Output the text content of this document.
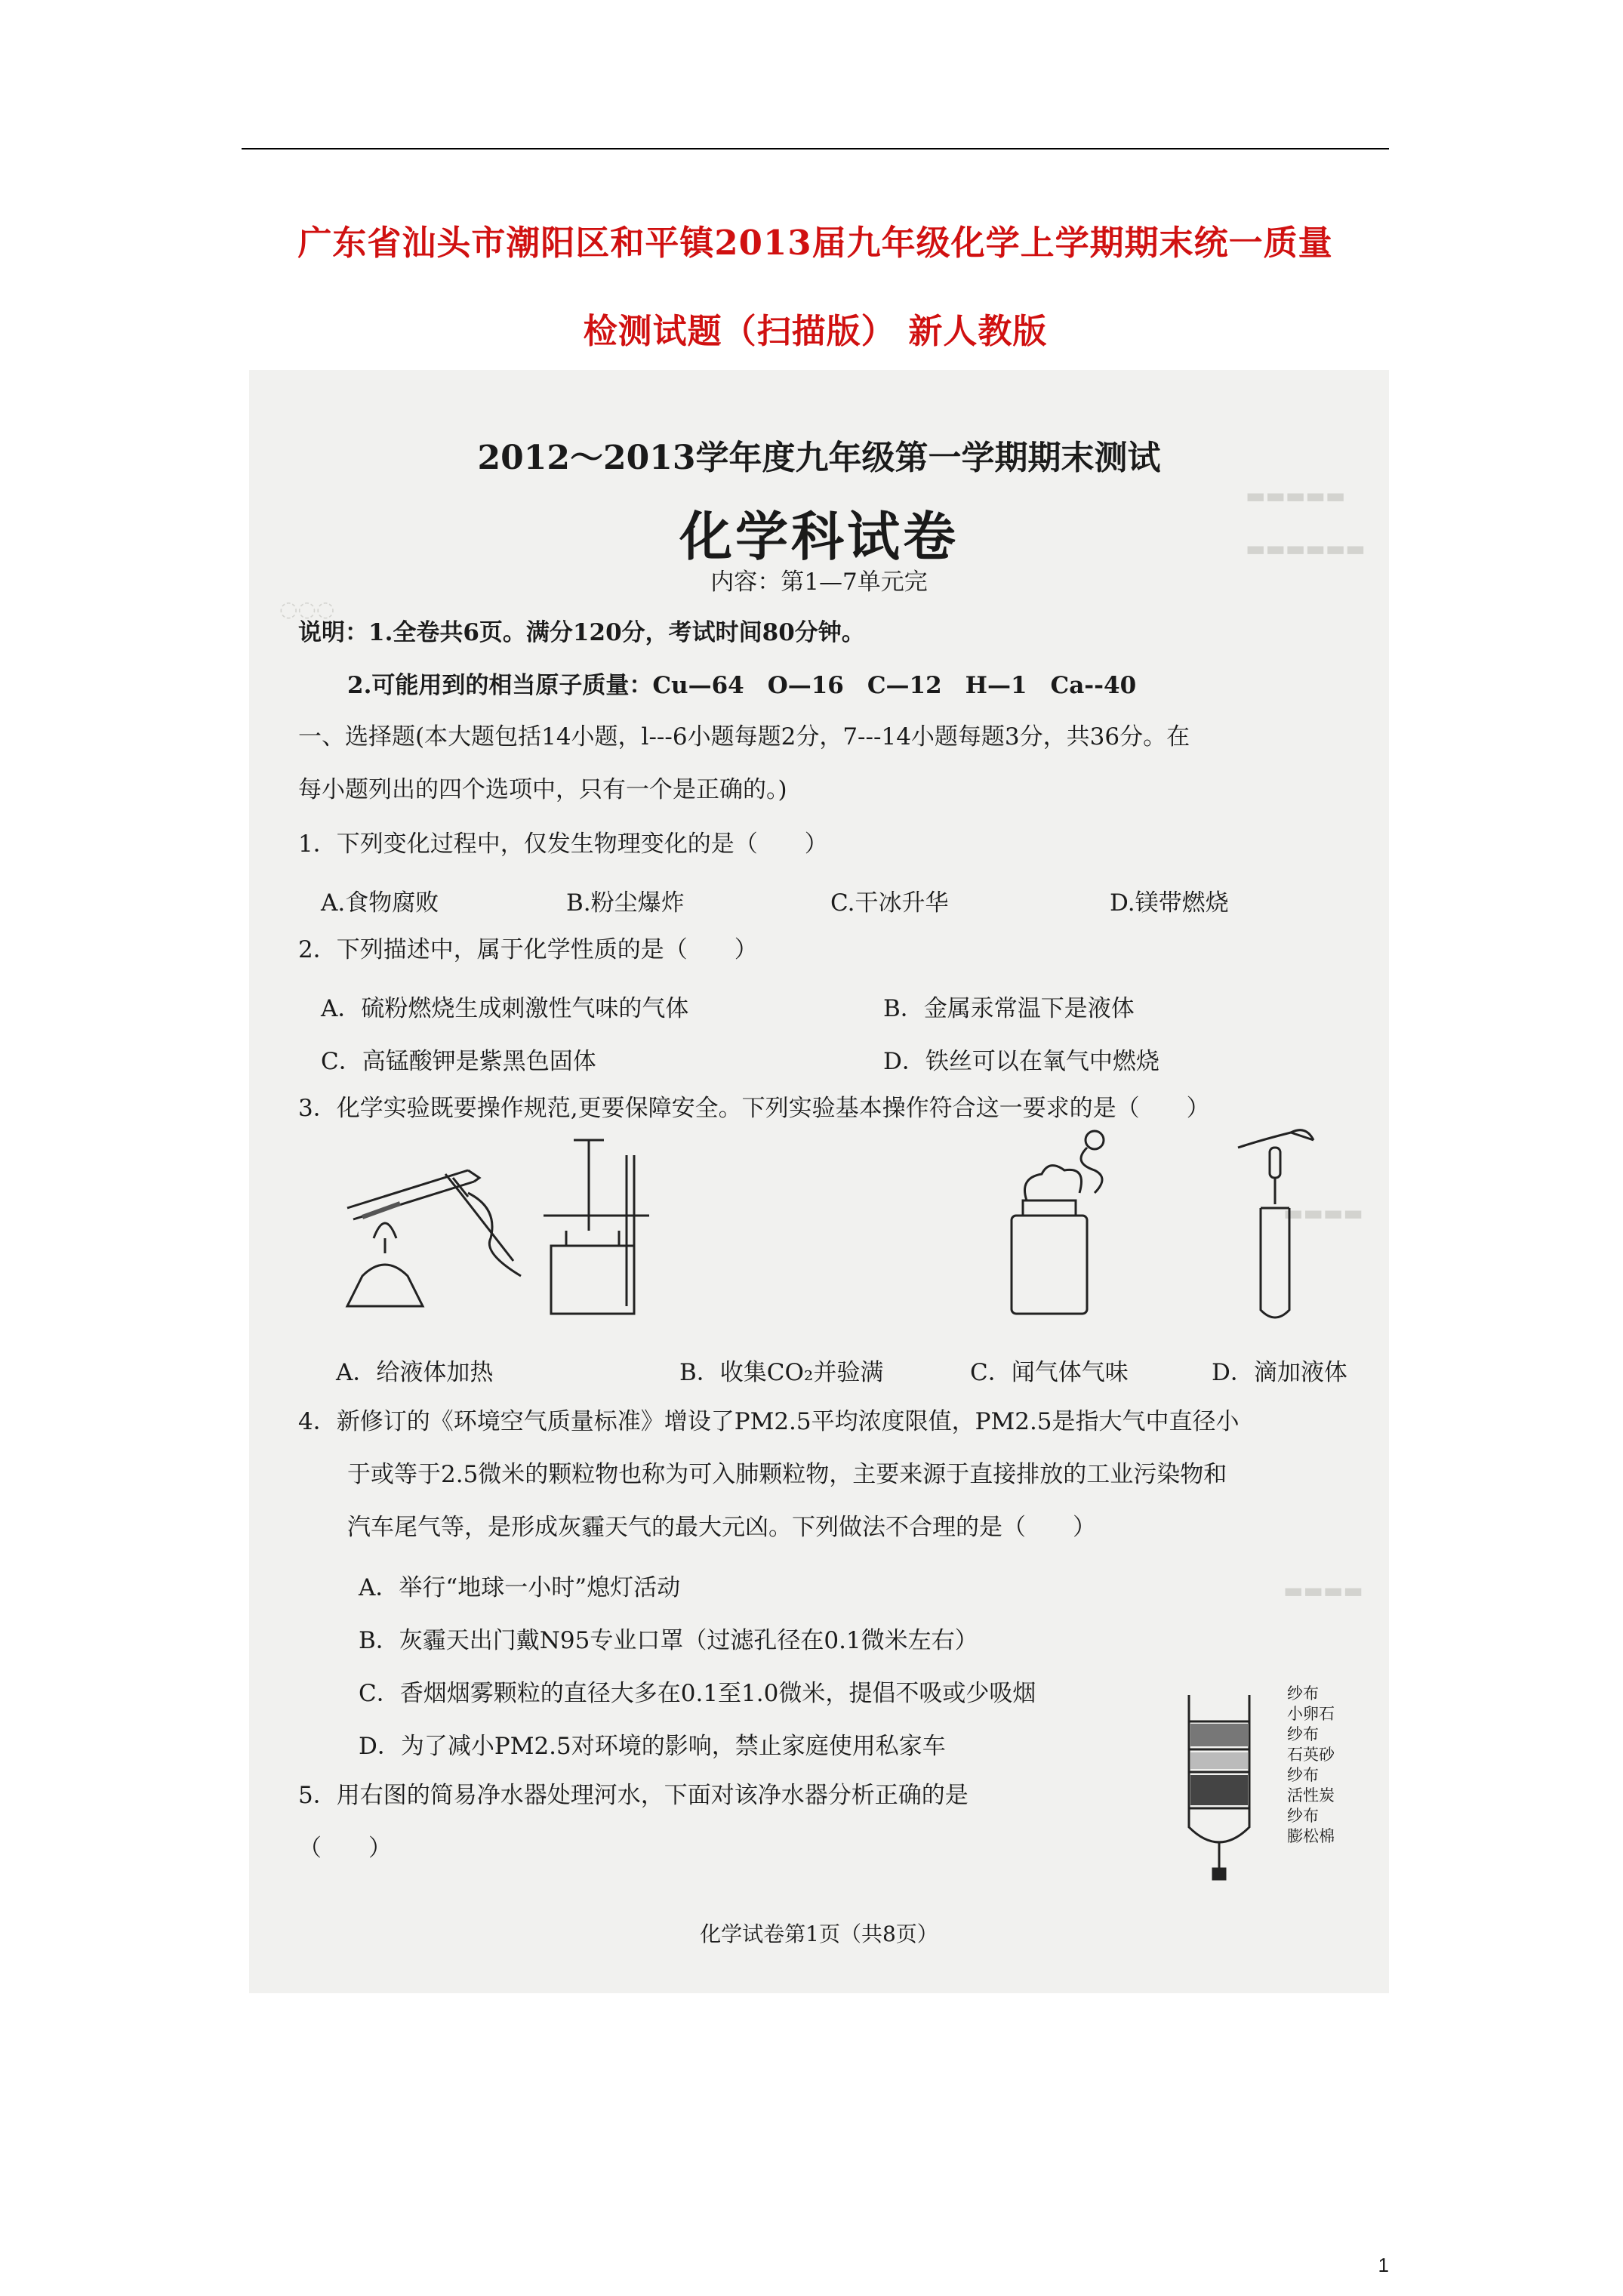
广东省汕头市潮阳区和平镇2013届九年级化学上学期期末统一质量
检测试题（扫描版） 新人教版
▬▬▬▬▬
▬▬▬▬▬▬
◌◌◌
▬▬▬▬
▬▬▬▬
2012～2013学年度九年级第一学期期末测试
化学科试卷
内容：第1—7单元完
说明：1.全卷共6页。满分120分，考试时间80分钟。
2.可能用到的相当原子质量：Cu—64　O—16　C—12　H—1　Ca--40
一、选择题(本大题包括14小题，l---6小题每题2分，7---14小题每题3分，共36分。在
每小题列出的四个选项中，只有一个是正确的。)
1．下列变化过程中，仅发生物理变化的是（　　）
A.食物腐败	B.粉尘爆炸	C.干冰升华	D.镁带燃烧
2．下列描述中，属于化学性质的是（　　）
A．硫粉燃烧生成刺激性气味的气体	B．金属汞常温下是液体
C．高锰酸钾是紫黑色固体	D．铁丝可以在氧气中燃烧
3．化学实验既要操作规范,更要保障安全。下列实验基本操作符合这一要求的是（　　）
A．给液体加热	B．收集CO₂并验满	C．闻气体气味	D．滴加液体
4．新修订的《环境空气质量标准》增设了PM2.5平均浓度限值，PM2.5是指大气中直径小
于或等于2.5微米的颗粒物也称为可入肺颗粒物，主要来源于直接排放的工业污染物和
汽车尾气等，是形成灰霾天气的最大元凶。下列做法不合理的是（　　）
A．举行“地球一小时”熄灯活动
B．灰霾天出门戴N95专业口罩（过滤孔径在0.1微米左右）
C．香烟烟雾颗粒的直径大多在0.1至1.0微米，提倡不吸或少吸烟
D．为了减小PM2.5对环境的影响，禁止家庭使用私家车
5．用右图的简易净水器处理河水，下面对该净水器分析正确的是
（　　）
纱布
小卵石
纱布
石英砂
纱布
活性炭
纱布
膨松棉
化学试卷第1页（共8页）
1
